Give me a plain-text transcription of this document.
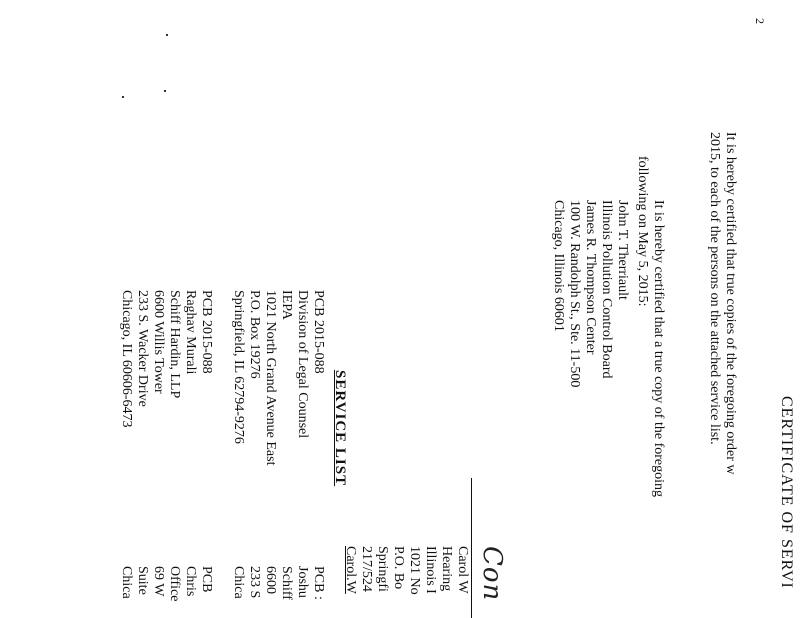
2
CERTIFICATE OF SERVI
It is hereby certified that true copies of the foregoing order w
2015, to each of the persons on the attached service list.
It is hereby certified that a true copy of the foregoing
following on May 5, 2015:
John T. Therriault
Illinois Pollution Control Board
James R. Thompson Center
100 W. Randolph St., Ste. 11-500
Chicago, Illinois 60601
Con
Carol W
Hearing
Illinois I
1021 No
P.O. Bo
Springfi
217/524
Carol.W
SERVICE LIST
PCB 2015-088
Division of Legal Counsel
IEPA
1021 North Grand Avenue East
P.O. Box 19276
Springfield, IL 62794-9276
PCB :
Joshu
Schiff
6600
233 S
Chica
PCB 2015-088
Raghav Murali
Schiff Hardin, LLP
6600 Willis Tower
233 S. Wacker Drive
Chicago, IL 60606-6473
PCB
Chris
Office
69 W
Suite
Chica
